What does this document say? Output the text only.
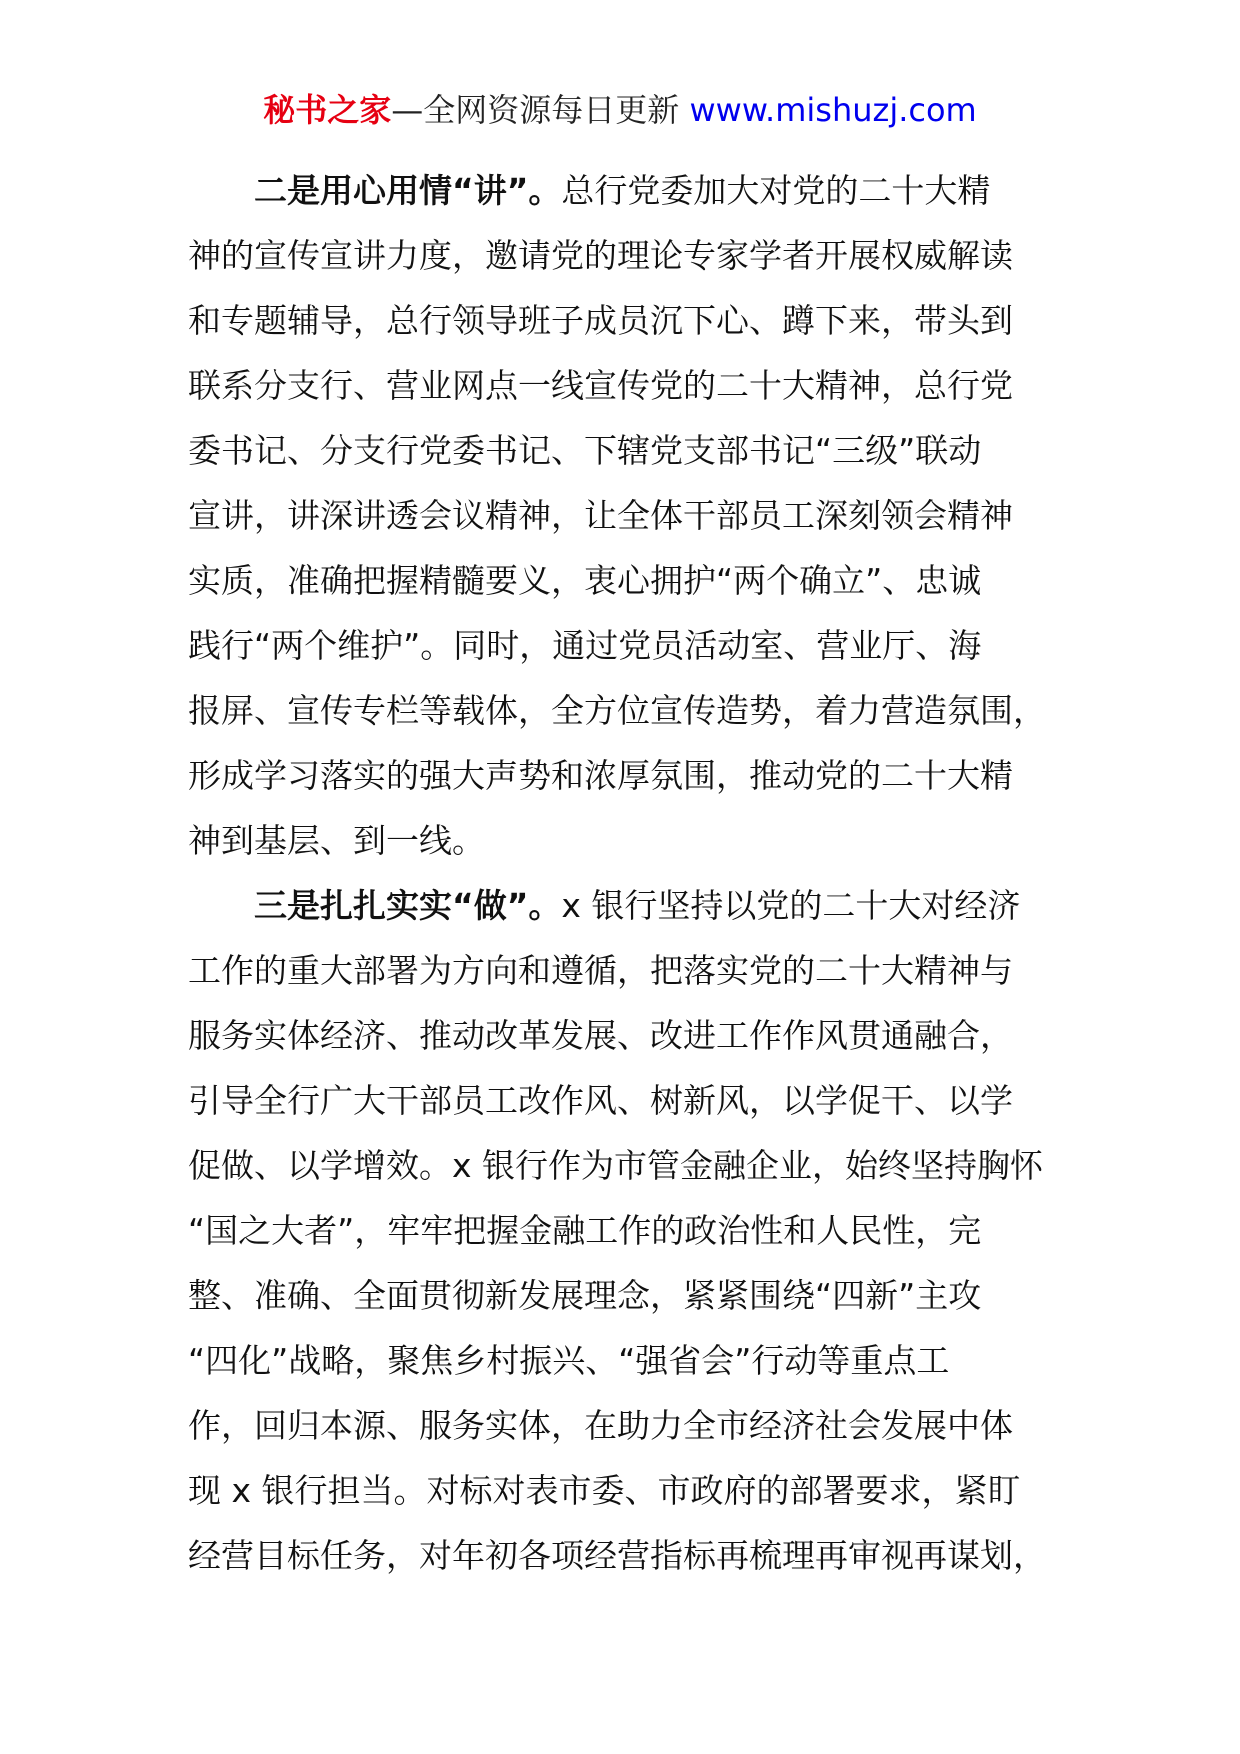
秘书之家—全网资源每日更新 www.mishuzj.com
二是用心用情“讲”。总行党委加大对党的二十大精
神的宣传宣讲力度，邀请党的理论专家学者开展权威解读
和专题辅导，总行领导班子成员沉下心、蹲下来，带头到
联系分支行、营业网点一线宣传党的二十大精神，总行党
委书记、分支行党委书记、下辖党支部书记“三级”联动
宣讲，讲深讲透会议精神，让全体干部员工深刻领会精神
实质，准确把握精髓要义，衷心拥护“两个确立”、忠诚
践行“两个维护”。同时，通过党员活动室、营业厅、海
报屏、宣传专栏等载体，全方位宣传造势，着力营造氛围，
形成学习落实的强大声势和浓厚氛围，推动党的二十大精
神到基层、到一线。
三是扎扎实实“做”。x 银行坚持以党的二十大对经济
工作的重大部署为方向和遵循，把落实党的二十大精神与
服务实体经济、推动改革发展、改进工作作风贯通融合，
引导全行广大干部员工改作风、树新风，以学促干、以学
促做、以学增效。x 银行作为市管金融企业，始终坚持胸怀
“国之大者”，牢牢把握金融工作的政治性和人民性，完
整、准确、全面贯彻新发展理念，紧紧围绕“四新”主攻
“四化”战略，聚焦乡村振兴、“强省会”行动等重点工
作，回归本源、服务实体，在助力全市经济社会发展中体
现 x 银行担当。对标对表市委、市政府的部署要求，紧盯
经营目标任务，对年初各项经营指标再梳理再审视再谋划，
